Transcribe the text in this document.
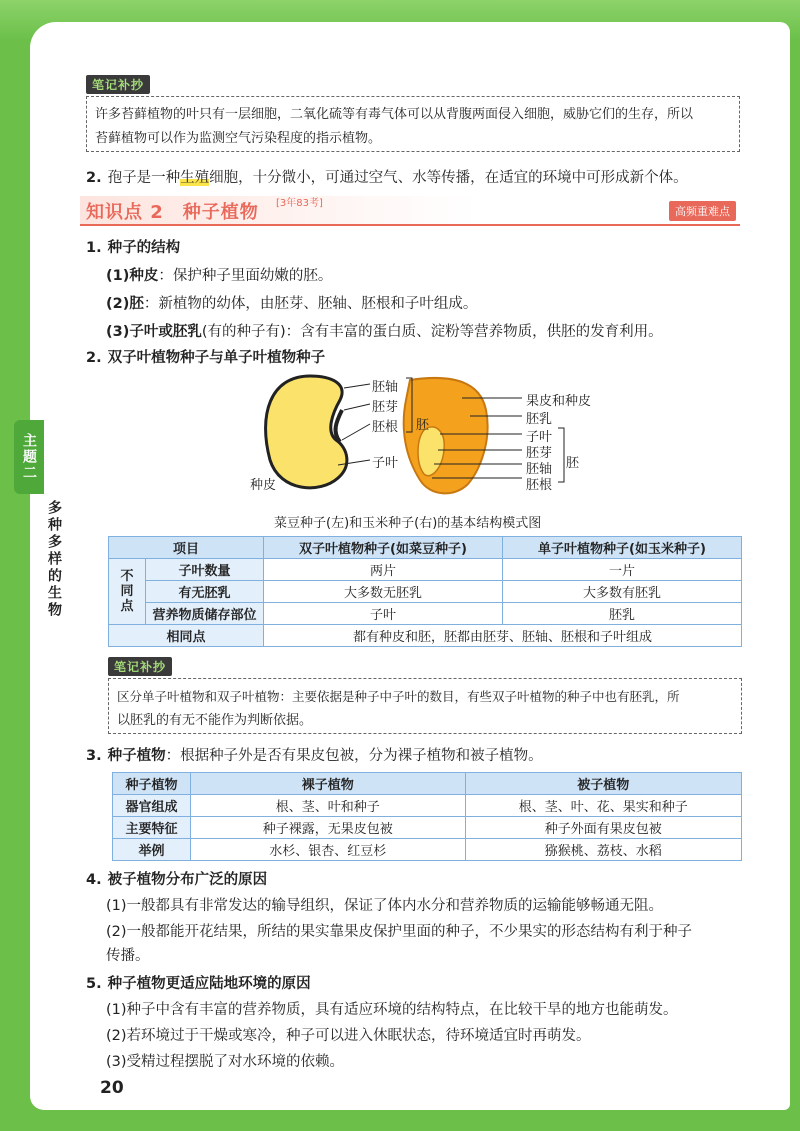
主题二
多种多样的生物
笔记补抄
许多苔藓植物的叶只有一层细胞，二氧化硫等有毒气体可以从背腹两面侵入细胞，威胁它们的生存，所以
苔藓植物可以作为监测空气污染程度的指示植物。
2. 孢子是一种生殖细胞，十分微小，可通过空气、水等传播，在适宜的环境中可形成新个体。
知识点 2　种子植物 [3年83考]
高频重难点
1. 种子的结构
(1)种皮：保护种子里面幼嫩的胚。
(2)胚：新植物的幼体，由胚芽、胚轴、胚根和子叶组成。
(3)子叶或胚乳(有的种子有)：含有丰富的蛋白质、淀粉等营养物质，供胚的发育利用。
2. 双子叶植物种子与单子叶植物种子
胚轴
胚芽
胚根 胚
子叶
种皮
果皮和种皮
胚乳
子叶
胚芽
胚轴
胚根
胚
菜豆种子(左)和玉米种子(右)的基本结构模式图
项目		双子叶植物种子(如菜豆种子)	单子叶植物种子(如玉米种子)
不同点	子叶数量	两片	一片
	有无胚乳	大多数无胚乳	大多数有胚乳
	营养物质储存部位	子叶	胚乳
相同点		都有种皮和胚，胚都由胚芽、胚轴、胚根和子叶组成	
笔记补抄
区分单子叶植物和双子叶植物：主要依据是种子中子叶的数目，有些双子叶植物的种子中也有胚乳，所
以胚乳的有无不能作为判断依据。
3. 种子植物：根据种子外是否有果皮包被，分为裸子植物和被子植物。
种子植物	裸子植物	被子植物
器官组成	根、茎、叶和种子	根、茎、叶、花、果实和种子
主要特征	种子裸露，无果皮包被	种子外面有果皮包被
举例	水杉、银杏、红豆杉	猕猴桃、荔枝、水稻
4. 被子植物分布广泛的原因
(1)一般都具有非常发达的输导组织，保证了体内水分和营养物质的运输能够畅通无阻。
(2)一般都能开花结果，所结的果实靠果皮保护里面的种子，不少果实的形态结构有利于种子
传播。
5. 种子植物更适应陆地环境的原因
(1)种子中含有丰富的营养物质，具有适应环境的结构特点，在比较干旱的地方也能萌发。
(2)若环境过于干燥或寒冷，种子可以进入休眠状态，待环境适宜时再萌发。
(3)受精过程摆脱了对水环境的依赖。
20
